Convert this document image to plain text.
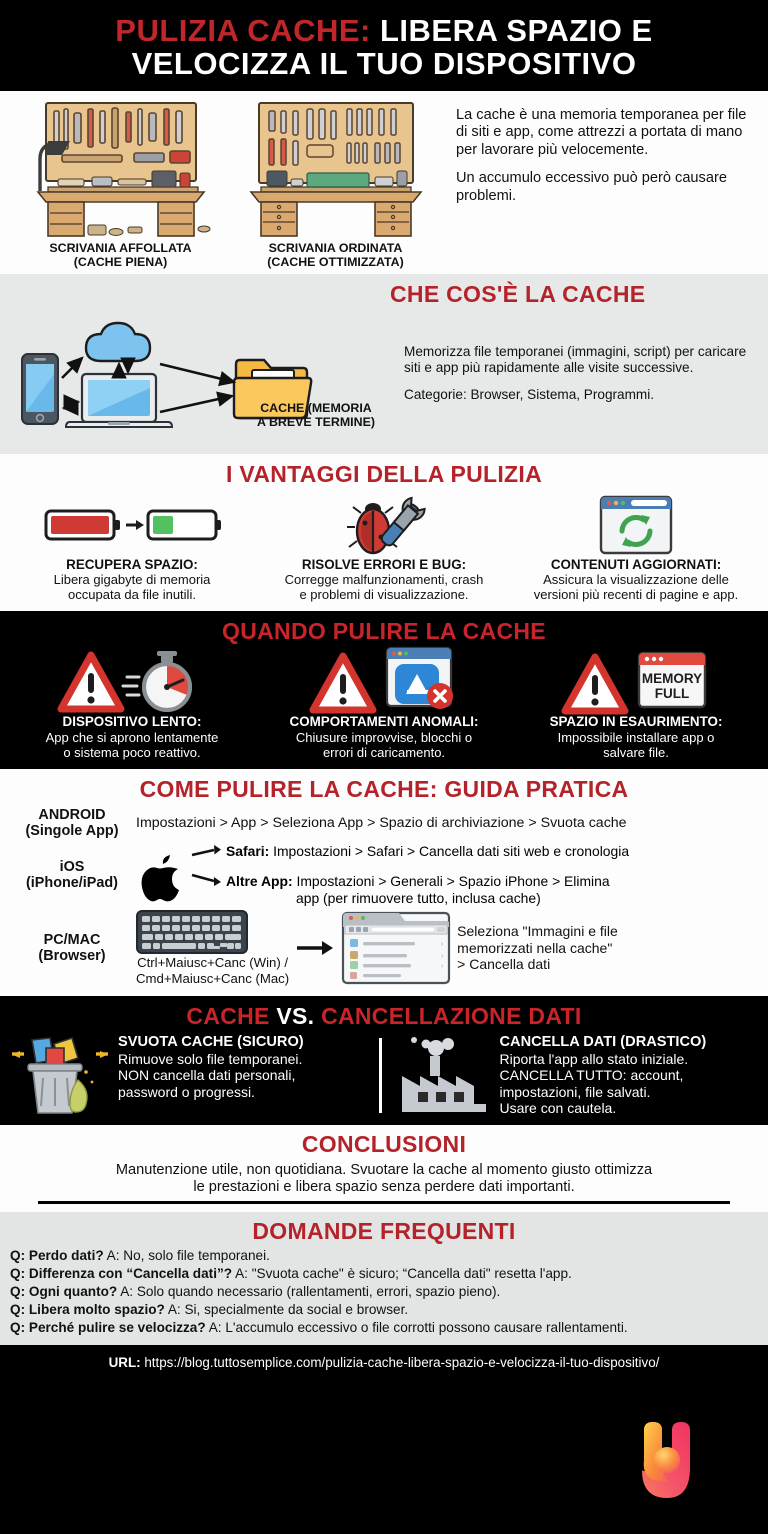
PULIZIA CACHE: LIBERA SPAZIO E
VELOCIZZA IL TUO DISPOSITIVO
SCRIVANIA AFFOLLATA
(CACHE PIENA)
SCRIVANIA ORDINATA
(CACHE OTTIMIZZATA)

La cache è una memoria temporanea per file di siti e app, come attrezzi a portata di mano per lavorare più velocemente.

Un accumulo eccessivo può però causare problemi.

CHE COS'È LA CACHE
CACHE (MEMORIA
A BREVE TERMINE)

Memorizza file temporanei (immagini, script) per caricare siti e app più rapidamente alle visite successive.

Categorie: Browser, Sistema, Programmi.

I VANTAGGI DELLA PULIZIA
RECUPERA SPAZIO:
Libera gigabyte di memoria
occupata da file inutili.
RISOLVE ERRORI E BUG:
Corregge malfunzionamenti, crash
e problemi di visualizzazione.
CONTENUTI AGGIORNATI:
Assicura la visualizzazione delle
versioni più recenti di pagine e app.
QUANDO PULIRE LA CACHE
DISPOSITIVO LENTO:
App che si aprono lentamente
o sistema poco reattivo.
COMPORTAMENTI ANOMALI:
Chiusure improvvise, blocchi o
errori di caricamento.
MEMORY
FULL
SPAZIO IN ESAURIMENTO:
Impossibile installare app o
salvare file.
COME PULIRE LA CACHE: GUIDA PRATICA
ANDROID
(Singole App)
Impostazioni > App > Seleziona App > Spazio di archiviazione > Svuota cache
iOS
(iPhone/iPad)
Safari: Impostazioni > Safari > Cancella dati siti web e cronologia
Altre App: Impostazioni > Generali > Spazio iPhone > Elimina
app (per rimuovere tutto, inclusa cache)
PC/MAC
(Browser)	Ctrl+Maiusc+Canc (Win) /
Cmd+Maiusc+Canc (Mac)
›
›
›
Seleziona "Immagini e file
memorizzati nella cache"
> Cancella dati
CACHE VS. CANCELLAZIONE DATI
SVUOTA CACHE (SICURO)

Rimuove solo file temporanei.

NON cancella dati personali,

password o progressi.

CANCELLA DATI (DRASTICO)

Riporta l'app allo stato iniziale.

CANCELLA TUTTO: account,

impostazioni, file salvati.

Usare con cautela.

CONCLUSIONI

Manutenzione utile, non quotidiana. Svuotare la cache al momento giusto ottimizza

le prestazioni e libera spazio senza perdere dati importanti.

DOMANDE FREQUENTI
Q: Perdo dati? A: No, solo file temporanei.
Q: Differenza con “Cancella dati”? A: "Svuota cache" è sicuro; “Cancella dati" resetta l'app.
Q: Ogni quanto? A: Solo quando necessario (rallentamenti, errori, spazio pieno).
Q: Libera molto spazio? A: Si, specialmente da social e browser.
Q: Perché pulire se velocizza? A: L'accumulo eccessivo o file corrotti possono causare rallentamenti.
URL: https://blog.tuttosemplice.com/pulizia-cache-libera-spazio-e-velocizza-il-tuo-dispositivo/
